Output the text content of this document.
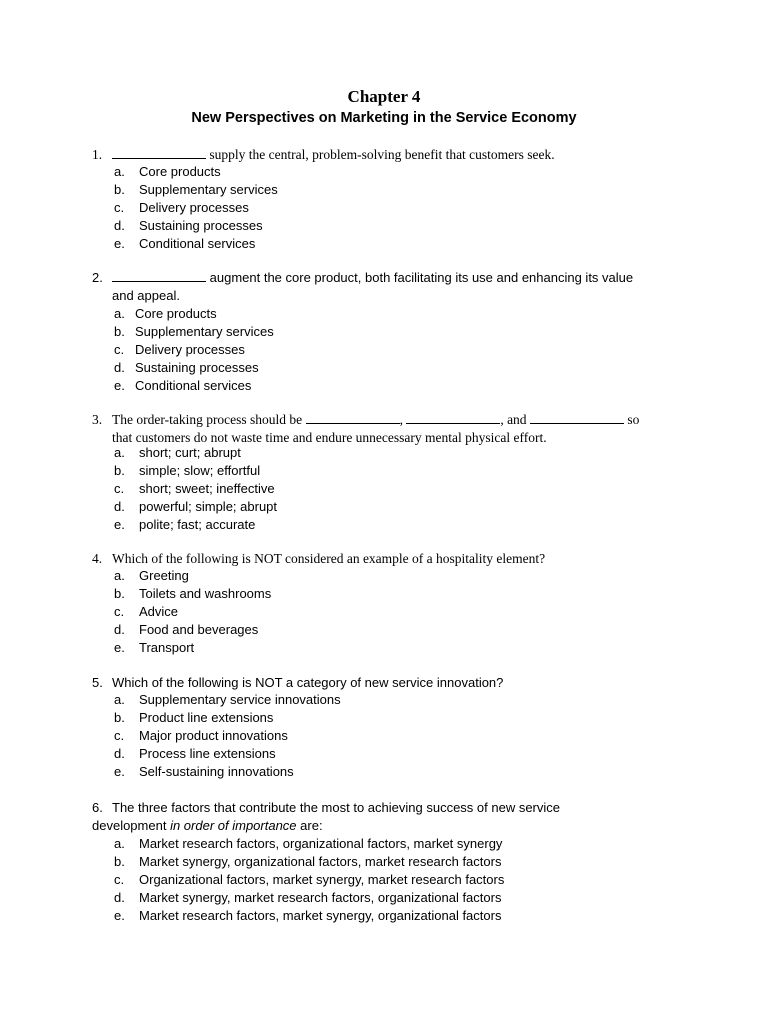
Chapter 4
New Perspectives on Marketing in the Service Economy
1.	supply the central, problem-solving benefit that customers seek.
a. Core products
b. Supplementary services
c. Delivery processes
d. Sustaining processes
e. Conditional services
2.	augment the core product, both facilitating its use and enhancing its value
and appeal.
a. Core products
b. Supplementary services
c. Delivery processes
d. Sustaining processes
e. Conditional services
3. The order-taking process should be	,	, and	so
that customers do not waste time and endure unnecessary mental physical effort.
a. short; curt; abrupt
b. simple; slow; effortful
c. short; sweet; ineffective
d. powerful; simple; abrupt
e. polite; fast; accurate
4. Which of the following is NOT considered an example of a hospitality element?
a. Greeting
b. Toilets and washrooms
c. Advice
d. Food and beverages
e. Transport
5. Which of the following is NOT a category of new service innovation?
a. Supplementary service innovations
b. Product line extensions
c. Major product innovations
d. Process line extensions
e. Self-sustaining innovations
6. The three factors that contribute the most to achieving success of new service
development in order of importance are:
a. Market research factors, organizational factors, market synergy
b. Market synergy, organizational factors, market research factors
c. Organizational factors, market synergy, market research factors
d. Market synergy, market research factors, organizational factors
e. Market research factors, market synergy, organizational factors
